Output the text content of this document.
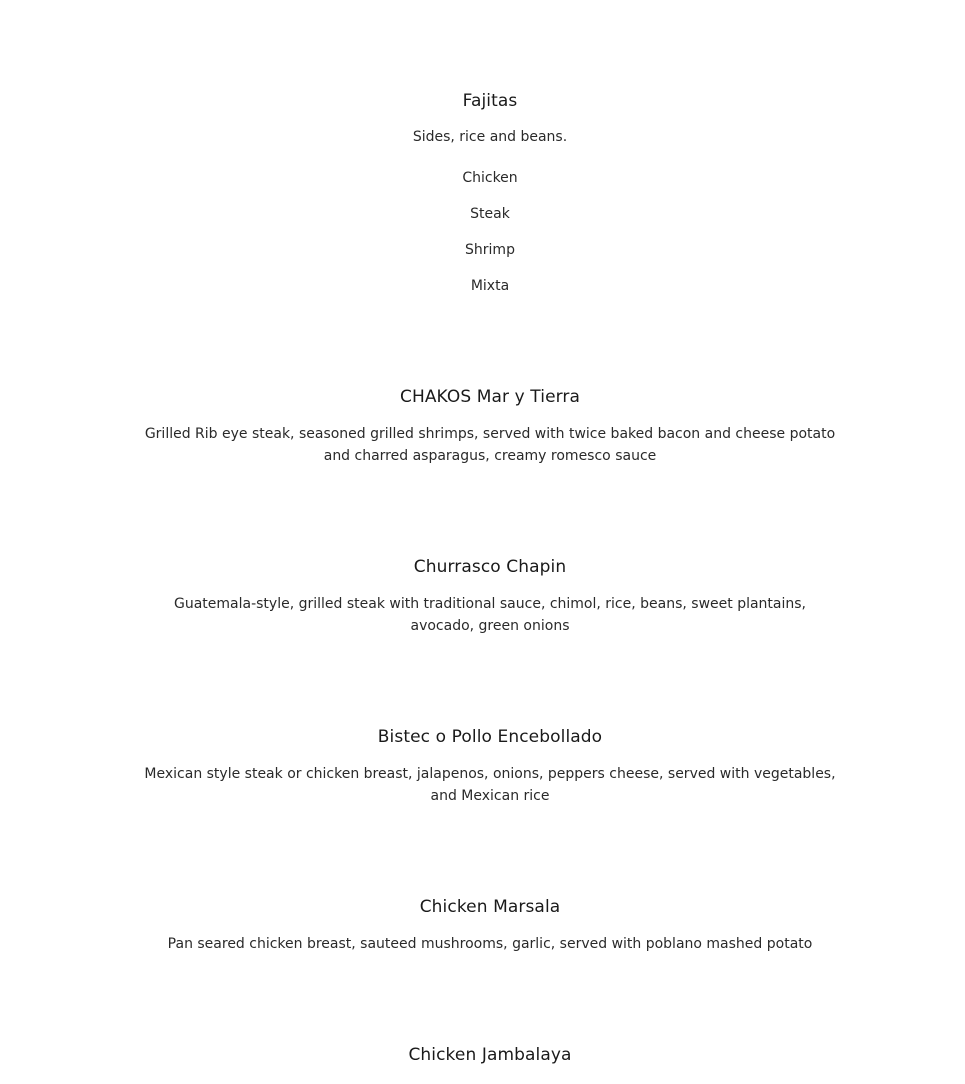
Fajitas
Sides, rice and beans.
Chicken
Steak
Shrimp
Mixta
CHAKOS Mar y Tierra
Grilled Rib eye steak, seasoned grilled shrimps, served with twice baked bacon and cheese potato and charred asparagus, creamy romesco sauce
Churrasco Chapin
Guatemala-style, grilled steak with traditional sauce, chimol, rice, beans, sweet plantains, avocado, green onions
Bistec o Pollo Encebollado
Mexican style steak or chicken breast, jalapenos, onions, peppers cheese, served with vegetables, and Mexican rice
Chicken Marsala
Pan seared chicken breast, sauteed mushrooms, garlic, served with poblano mashed potato
Chicken Jambalaya
